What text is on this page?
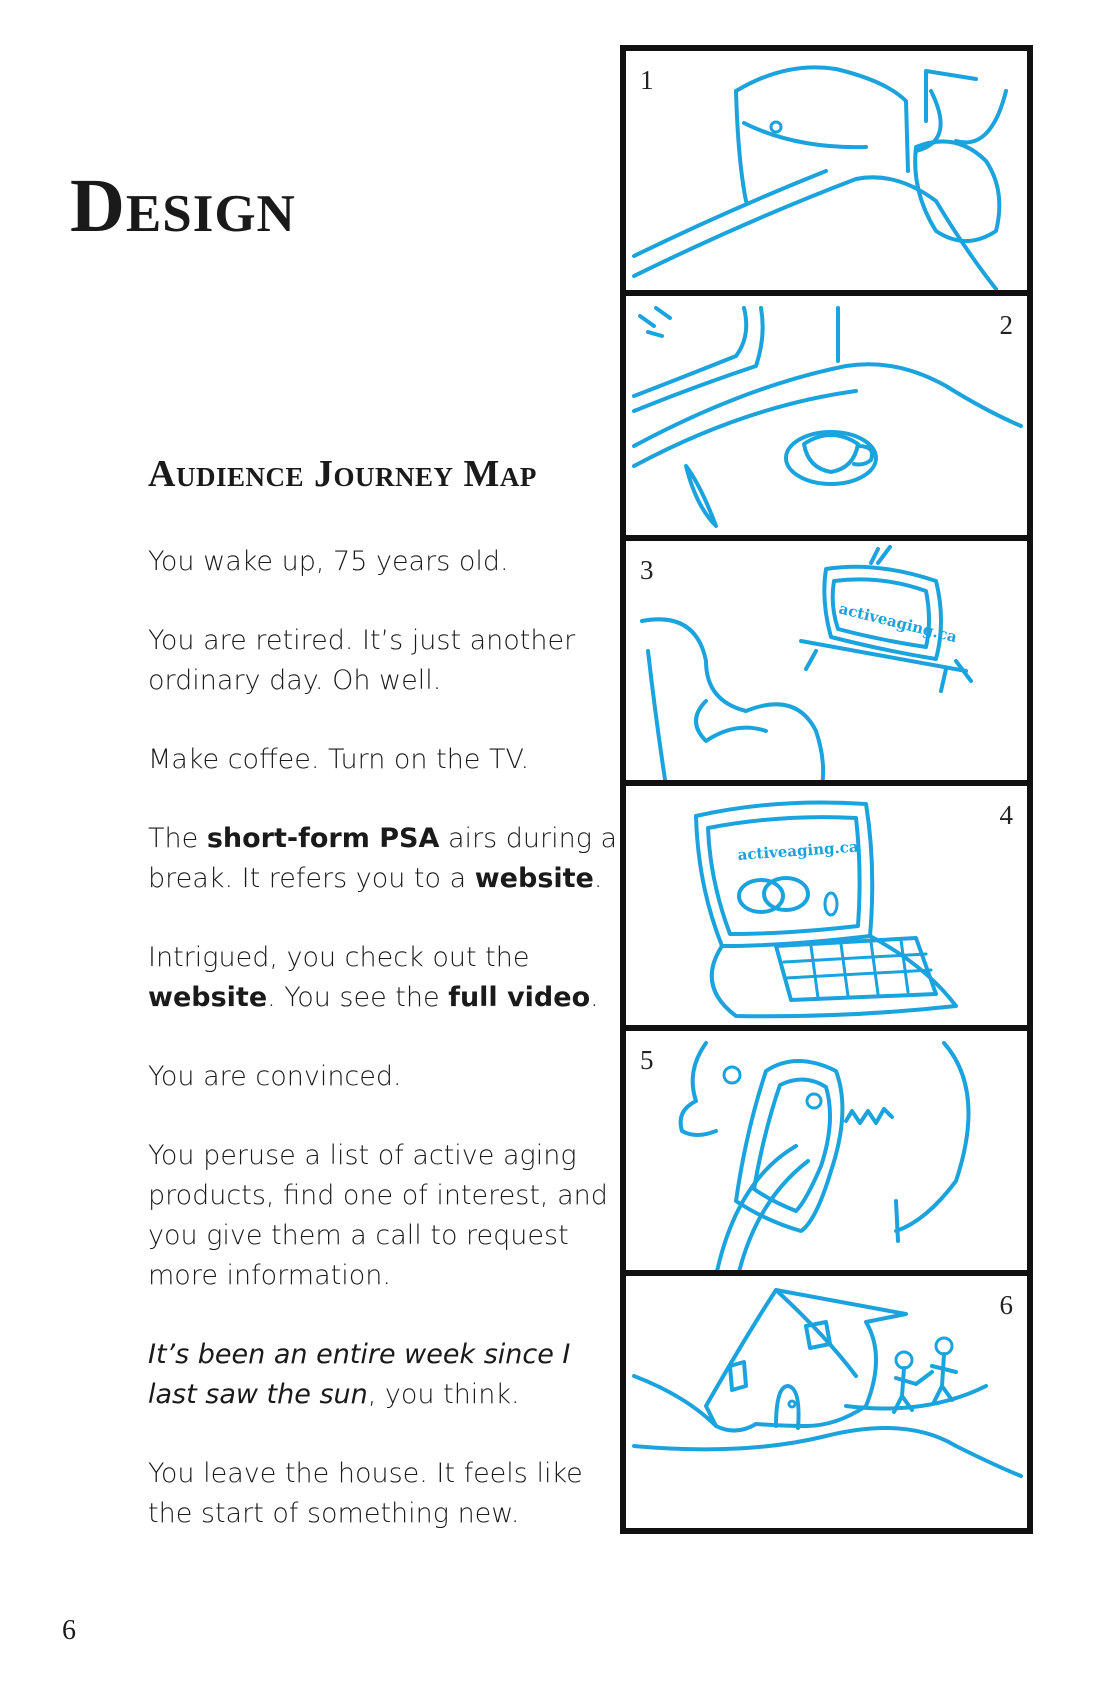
Design
Audience Journey Map

You wake up, 75 years old.

You are retired. It’s just another ordinary day. Oh well.

Make coffee. Turn on the TV.

The short-form PSA airs during a break. It refers you to a website.

Intrigued, you check out the website. You see the full video.

You are convinced.

You peruse a list of active aging products, find one of interest, and you give them a call to request more information.

It’s been an entire week since I last saw the sun, you think.

You leave the house. It feels like the start of something new.

6
1
2
activeaging.ca
3
activeaging.ca
4
5
6
